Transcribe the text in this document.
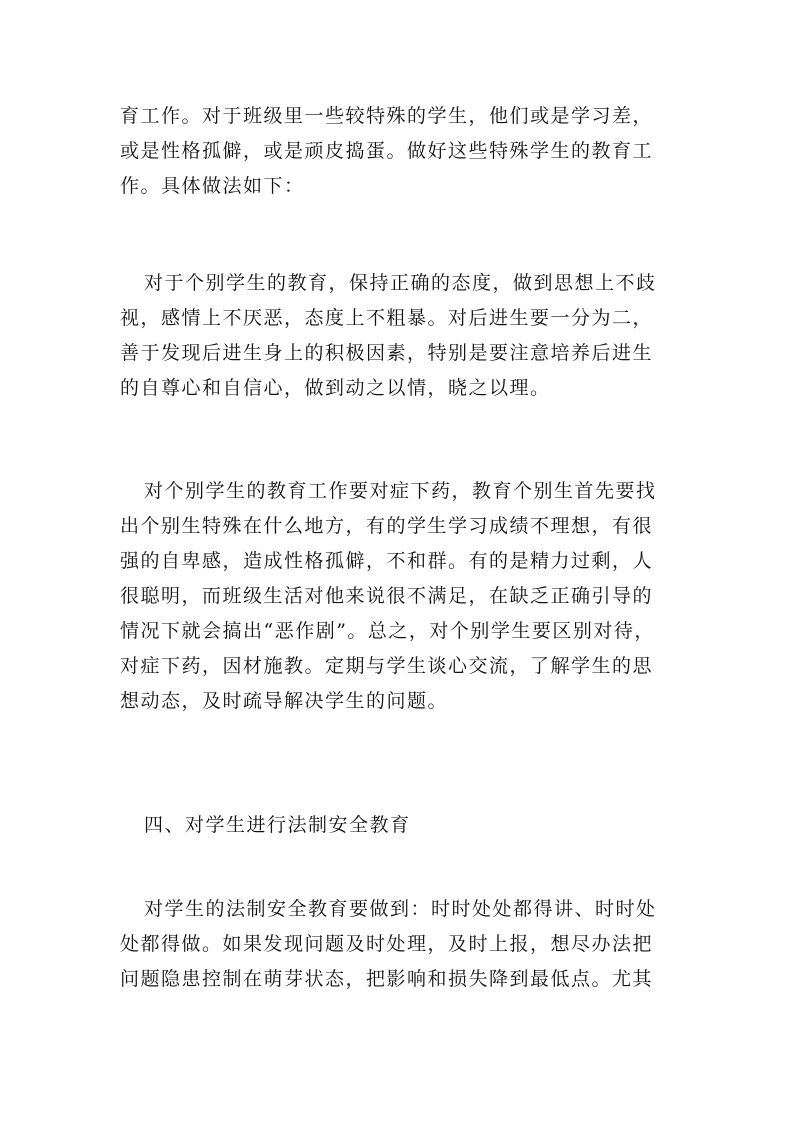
育工作。对于班级里一些较特殊的学生，他们或是学习差，
或是性格孤僻，或是顽皮捣蛋。做好这些特殊学生的教育工
作。具体做法如下：
对于个别学生的教育，保持正确的态度，做到思想上不歧
视，感情上不厌恶，态度上不粗暴。对后进生要一分为二，
善于发现后进生身上的积极因素，特别是要注意培养后进生
的自尊心和自信心，做到动之以情，晓之以理。
对个别学生的教育工作要对症下药，教育个别生首先要找
出个别生特殊在什么地方，有的学生学习成绩不理想，有很
强的自卑感，造成性格孤僻，不和群。有的是精力过剩，人
很聪明，而班级生活对他来说很不满足，在缺乏正确引导的
情况下就会搞出“恶作剧”。总之，对个别学生要区别对待，
对症下药，因材施教。定期与学生谈心交流，了解学生的思
想动态，及时疏导解决学生的问题。
四、对学生进行法制安全教育
对学生的法制安全教育要做到：时时处处都得讲、时时处
处都得做。如果发现问题及时处理，及时上报，想尽办法把
问题隐患控制在萌芽状态，把影响和损失降到最低点。尤其
